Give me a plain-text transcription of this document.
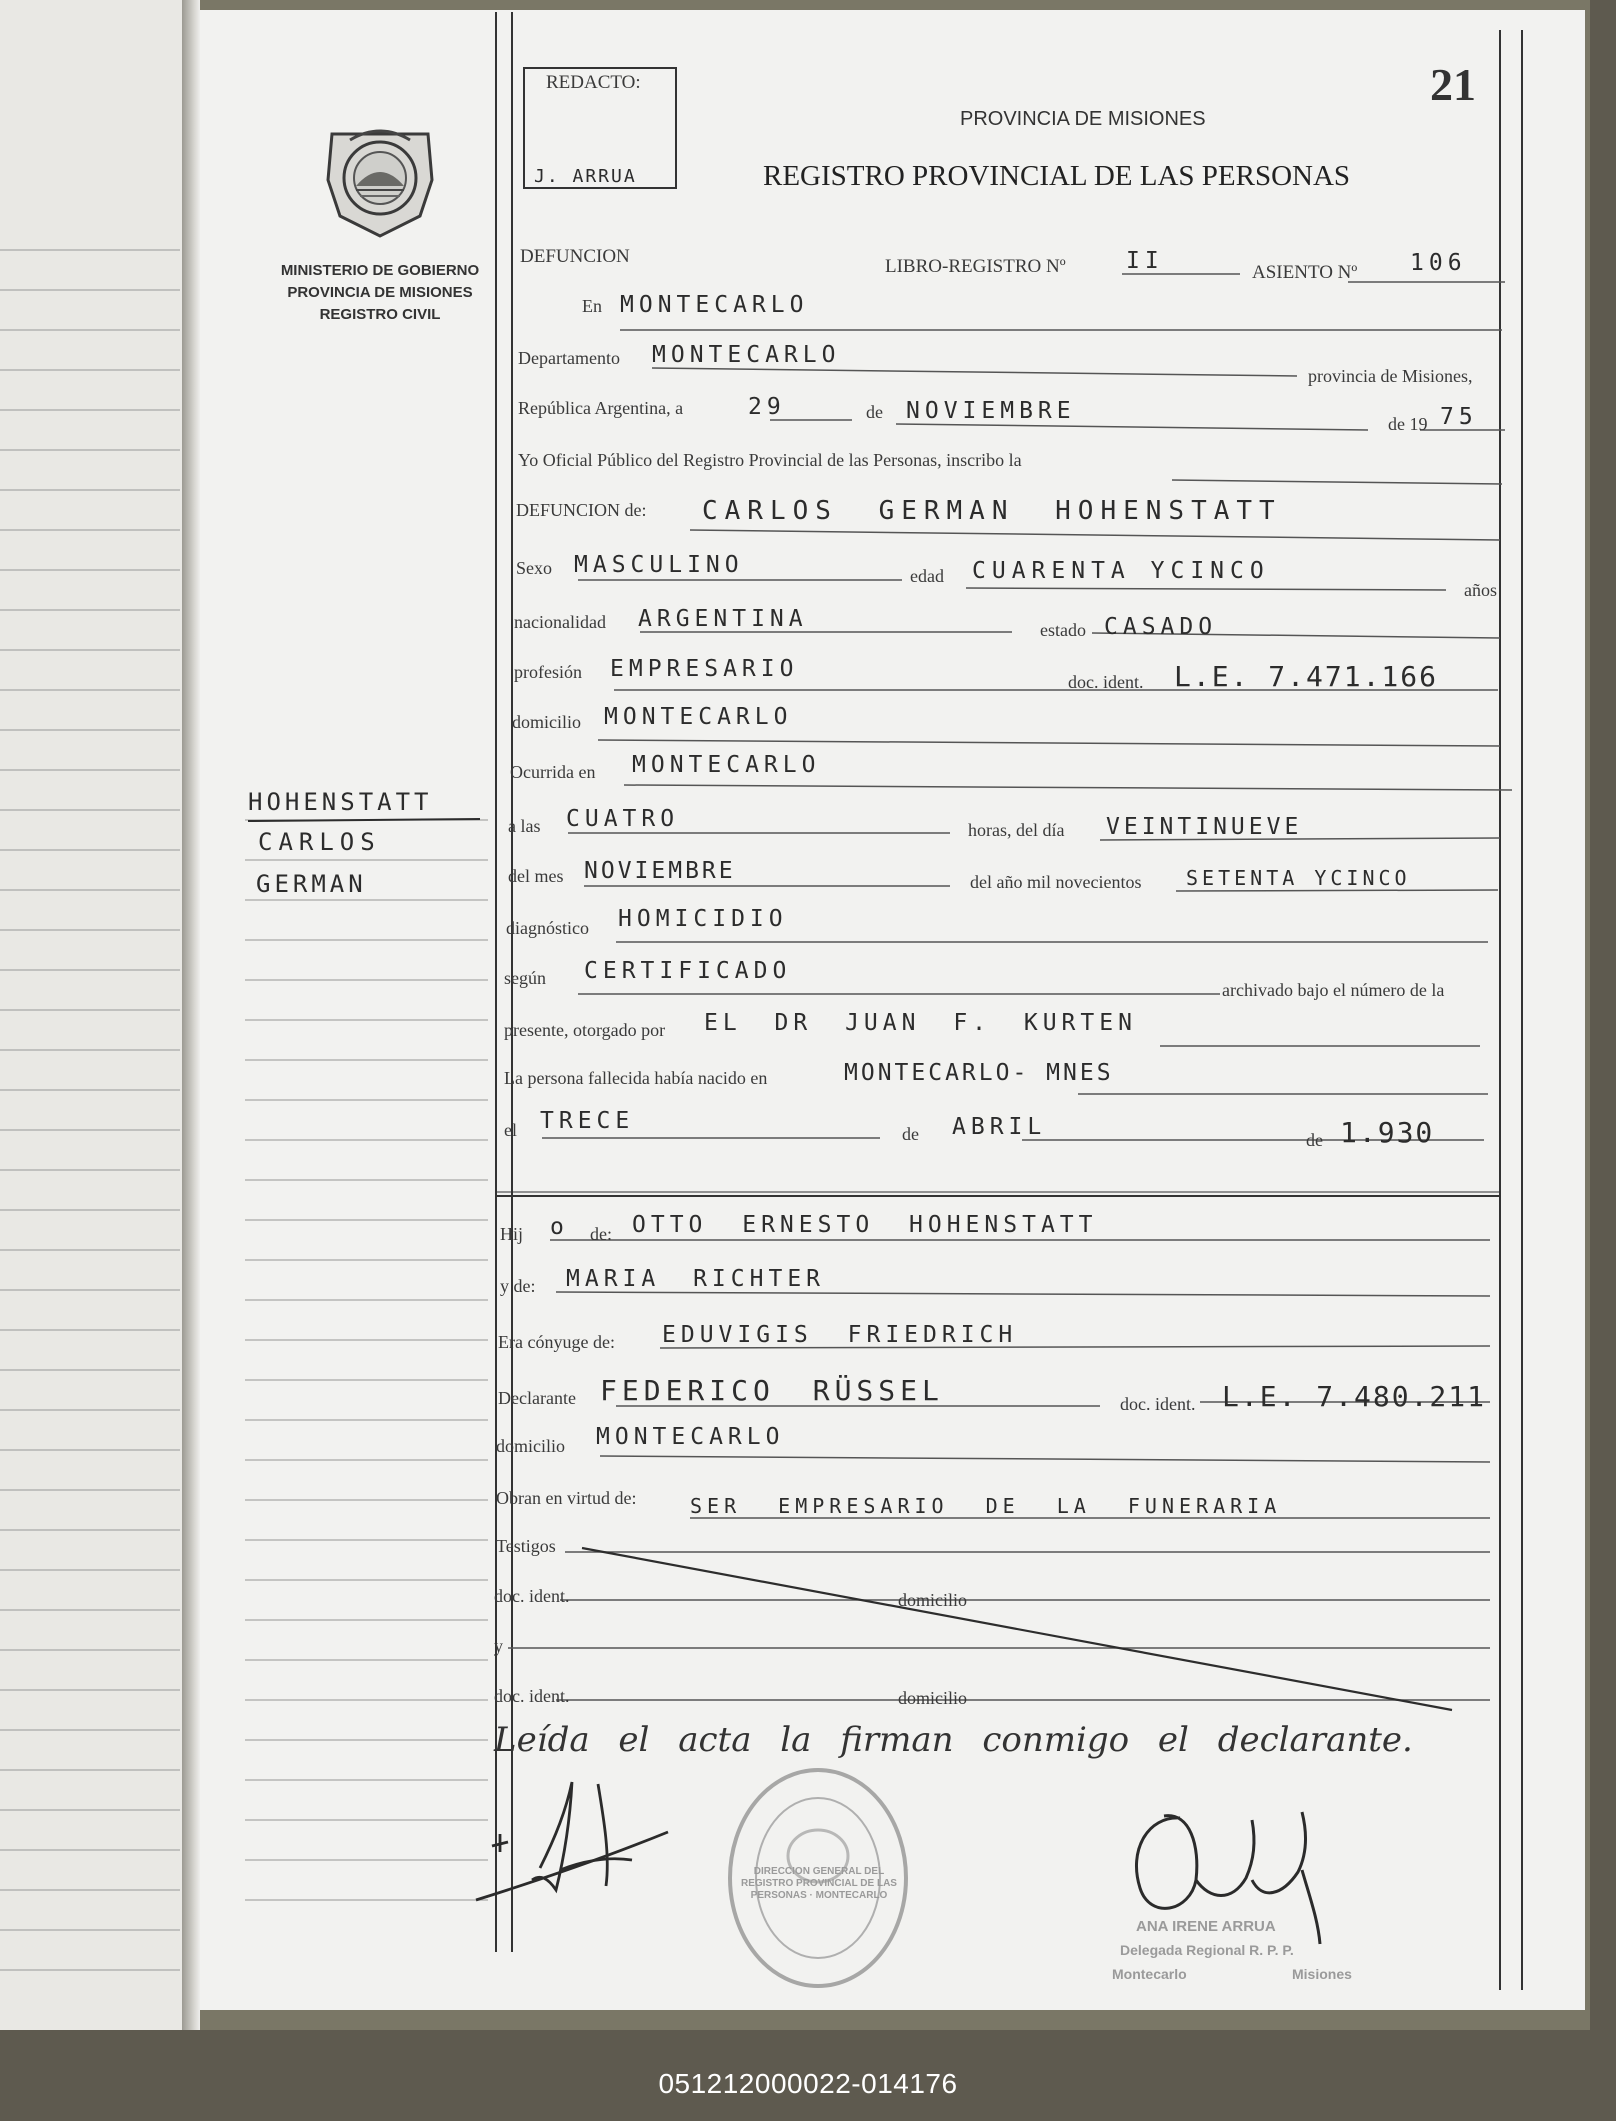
21
REDACTO:
J. ARRUA
PROVINCIA DE MISIONES
REGISTRO PROVINCIAL DE LAS PERSONAS
MINISTERIO DE GOBIERNO
PROVINCIA DE MISIONES
REGISTRO CIVIL
DEFUNCION	LIBRO-REGISTRO Nº	II	ASIENTO Nº 106
En MONTECARLO
Departamento MONTECARLO
provincia de Misiones,
República Argentina, a	29	de NOVIEMBRE	de 19 75
Yo Oficial Público del Registro Provincial de las Personas, inscribo la
DEFUNCION de: CARLOS GERMAN HOHENSTATT
Sexo MASCULINO	edad CUARENTA YCINCO
años
nacionalidad ARGENTINA	estado CASADO
profesión EMPRESARIO	doc. ident. L.E. 7.471.166
domicilio MONTECARLO
Ocurrida en MONTECARLO
a las CUATRO	horas, del día VEINTINUEVE
del mes NOVIEMBRE	del año mil novecientos SETENTA YCINCO
diagnóstico HOMICIDIO
según CERTIFICADO
archivado bajo el número de la
presente, otorgado por EL DR JUAN F. KURTEN
La persona fallecida había nacido en	MONTECARLO- MNES
el TRECE	de ABRIL	de 1.930
Hij o de: OTTO ERNESTO HOHENSTATT
y de: MARIA RICHTER
Era cónyuge de: EDUVIGIS FRIEDRICH
Declarante FEDERICO RÜSSEL	doc. ident. L.E. 7.480.211
domicilio MONTECARLO
Obran en virtud de:	SER EMPRESARIO DE LA FUNERARIA
Testigos
doc. ident.	domicilio
y
doc. ident.	domicilio
Leída el acta la firman conmigo el declarante.
HOHENSTATT
CARLOS
GERMAN
DIRECCION GENERAL DEL REGISTRO PROVINCIAL DE LAS PERSONAS · MONTECARLO
ANA IRENE ARRUA
Delegada Regional R. P. P.
Montecarlo	Misiones
051212000022-014176
